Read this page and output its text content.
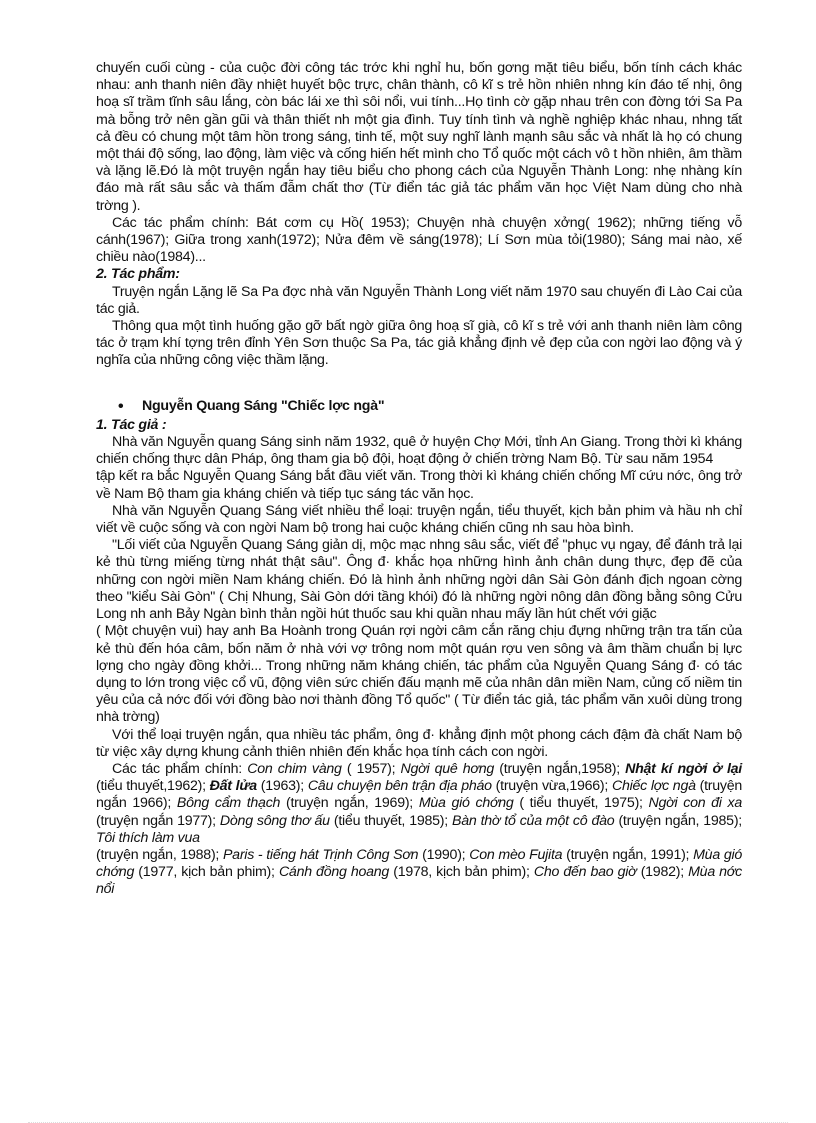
chuyến cuối cùng - của cuộc đời công tác trớc khi nghỉ hu, bốn gơng mặt tiêu biểu, bốn tính cách khác nhau: anh thanh niên đầy nhiệt huyết bộc trực, chân thành, cô kĩ s trẻ hồn nhiên nhng kín đáo tế nhị, ông hoạ sĩ trầm tĩnh sâu lắng, còn bác lái xe thì sôi nổi, vui tính...Họ tình cờ gặp nhau trên con đờng tới Sa Pa mà bỗng trở nên gần gũi và thân thiết nh một gia đình. Tuy tính tình và nghề nghiệp khác nhau, nhng tất cả đều có chung một tâm hồn trong sáng, tinh tế, một suy nghĩ lành mạnh sâu sắc và nhất là họ có chung một thái độ sống, lao động, làm việc và cống hiến hết mình cho Tổ quốc một cách vô t hồn nhiên, âm thầm và lặng lẽ.Đó là một truyện ngắn hay tiêu biểu cho phong cách của Nguyễn Thành Long: nhẹ nhàng kín đáo mà rất sâu sắc và thấm đẫm chất thơ (Từ điển tác giả tác phẩm văn học Việt Nam dùng cho nhà trờng ).

Các tác phẩm chính: Bát cơm cụ Hồ( 1953); Chuyện nhà chuyện xởng( 1962); những tiếng vỗ cánh(1967); Giữa trong xanh(1972); Nửa đêm về sáng(1978); Lí Sơn mùa tỏi(1980); Sáng mai nào, xế chiều nào(1984)...

2. Tác phẩm:

Truyện ngắn Lặng lẽ Sa Pa đợc nhà văn Nguyễn Thành Long viết năm 1970 sau chuyến đi Lào Cai của tác giả.

Thông qua một tình huống gặo gỡ bất ngờ giữa ông hoạ sĩ già, cô kĩ s trẻ với anh thanh niên làm công tác ở trạm khí tợng trên đỉnh Yên Sơn thuộc Sa Pa, tác giả khẳng định vẻ đẹp của con ngời lao động và ý nghĩa của những công việc thầm lặng.

• Nguyễn Quang Sáng "Chiếc lợc ngà"

1. Tác giả :

Nhà văn Nguyễn quang Sáng sinh năm 1932, quê ở huyện Chợ Mới, tỉnh An Giang. Trong thời kì kháng chiến chống thực dân Pháp, ông tham gia bộ đội, hoạt động ở chiến trờng Nam Bộ. Từ sau năm 1954

tập kết ra bắc Nguyễn Quang Sáng bắt đầu viết văn. Trong thời kì kháng chiến chống Mĩ cứu nớc, ông trở về Nam Bộ tham gia kháng chiến và tiếp tục sáng tác văn học.

Nhà văn Nguyễn Quang Sáng viết nhiều thể loại: truyện ngắn, tiểu thuyết, kịch bản phim và hầu nh chỉ viết về cuộc sống và con ngời Nam bộ trong hai cuộc kháng chiến cũng nh sau hòa bình.

"Lối viết của Nguyễn Quang Sáng giản dị, mộc mạc nhng sâu sắc, viết để "phục vụ ngay, để đánh trả lại kẻ thù từng miếng từng nhát thật sâu". Ông đ· khắc họa những hình ảnh chân dung thực, đẹp đẽ của những con ngời miền Nam kháng chiến. Đó là hình ảnh những ngời dân Sài Gòn đánh địch ngoan cờng theo "kiểu Sài Gòn" ( Chị Nhung, Sài Gòn dới tầng khói) đó là những ngời nông dân đồng bằng sông Cửu Long nh anh Bảy Ngàn bình thản ngồi hút thuốc sau khi quần nhau mấy lần hút chết với giặc

( Một chuyện vui) hay anh Ba Hoành trong Quán rợi ngời câm cắn răng chịu đựng những trận tra tấn của kẻ thù đến hóa câm, bốn năm ở nhà với vợ trông nom một quán rợu ven sông và âm thầm chuẩn bị lực lợng cho ngày đồng khởi... Trong những năm kháng chiến, tác phẩm của Nguyễn Quang Sáng đ· có tác dụng to lớn trong việc cổ vũ, động viên sức chiến đấu mạnh mẽ của nhân dân miền Nam, củng cố niềm tin yêu của cả nớc đối với đồng bào nơi thành đồng Tổ quốc" ( Từ điển tác giả, tác phẩm văn xuôi dùng trong nhà trờng)

Với thể loại truyện ngắn, qua nhiều tác phẩm, ông đ· khẳng định một phong cách đậm đà chất Nam bộ từ việc xây dựng khung cảnh thiên nhiên đến khắc họa tính cách con ngời.

Các tác phẩm chính: Con chim vàng ( 1957); Ngời quê hơng (truyện ngắn,1958); Nhật kí ngời ở lại (tiểu thuyết,1962); Đất lửa (1963); Câu chuyện bên trận địa pháo (truyện vừa,1966); Chiếc lợc ngà (truyện ngắn 1966); Bông cẩm thạch (truyện ngắn, 1969); Mùa gió chớng ( tiểu thuyết, 1975); Ngời con đi xa (truyện ngắn 1977); Dòng sông thơ ấu (tiểu thuyết, 1985); Bàn thờ tổ của một cô đào (truyện ngắn, 1985); Tôi thích làm vua
(truyện ngắn, 1988); Paris - tiếng hát Trịnh Công Sơn (1990); Con mèo Fujita (truyện ngắn, 1991); Mùa gió chớng (1977, kịch bản phim); Cánh đồng hoang (1978, kịch bản phim); Cho đến bao giờ (1982); Mùa nớc nổi
